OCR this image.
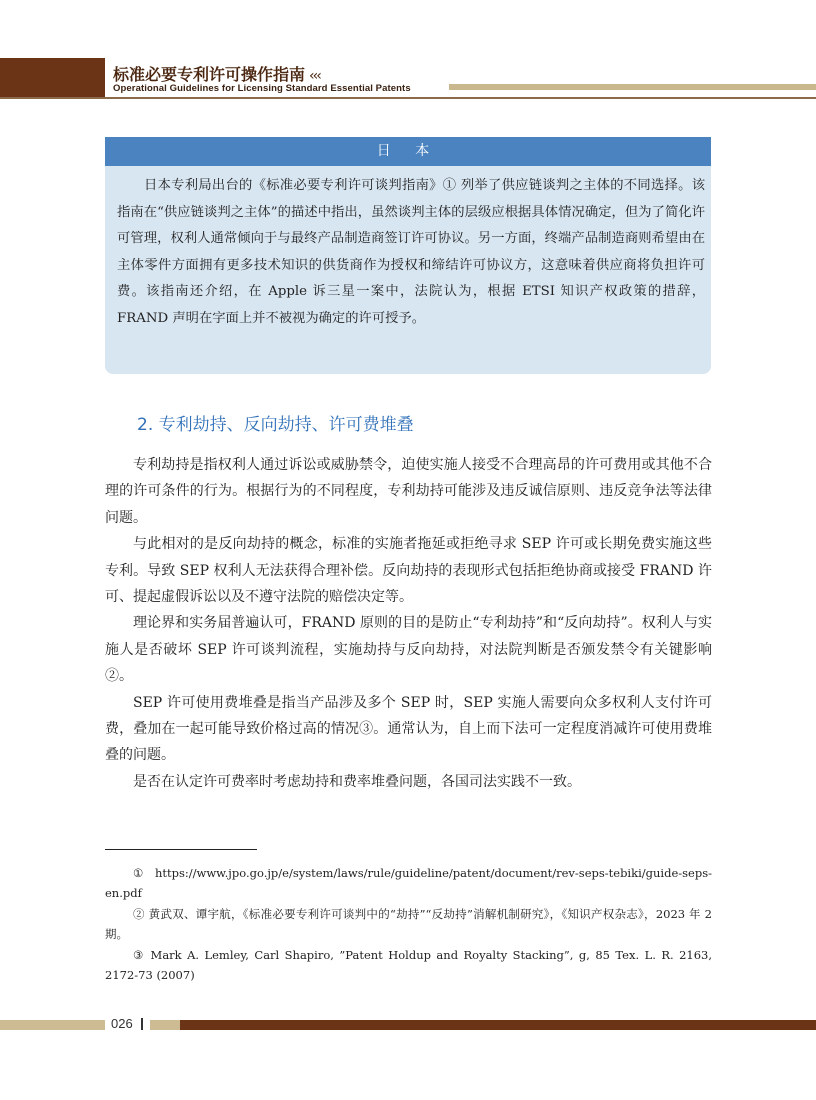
标准必要专利许可操作指南 ‹‹‹
Operational Guidelines for Licensing Standard Essential Patents
日 本

日本专利局出台的《标准必要专利许可谈判指南》① 列举了供应链谈判之主体的不同选择。该指南在“供应链谈判之主体”的描述中指出，虽然谈判主体的层级应根据具体情况确定，但为了简化许可管理，权利人通常倾向于与最终产品制造商签订许可协议。另一方面，终端产品制造商则希望由在主体零件方面拥有更多技术知识的供货商作为授权和缔结许可协议方，这意味着供应商将负担许可费。该指南还介绍，在 Apple 诉三星一案中，法院认为，根据 ETSI 知识产权政策的措辞，FRAND 声明在字面上并不被视为确定的许可授予。

2. 专利劫持、反向劫持、许可费堆叠

专利劫持是指权利人通过诉讼或威胁禁令，迫使实施人接受不合理高昂的许可费用或其他不合理的许可条件的行为。根据行为的不同程度，专利劫持可能涉及违反诚信原则、违反竞争法等法律问题。

与此相对的是反向劫持的概念，标准的实施者拖延或拒绝寻求 SEP 许可或长期免费实施这些专利。导致 SEP 权利人无法获得合理补偿。反向劫持的表现形式包括拒绝协商或接受 FRAND 许可、提起虚假诉讼以及不遵守法院的赔偿决定等。

理论界和实务届普遍认可，FRAND 原则的目的是防止“专利劫持”和“反向劫持”。权利人与实施人是否破坏 SEP 许可谈判流程，实施劫持与反向劫持，对法院判断是否颁发禁令有关键影响②。

SEP 许可使用费堆叠是指当产品涉及多个 SEP 时，SEP 实施人需要向众多权利人支付许可费，叠加在一起可能导致价格过高的情况③。通常认为，自上而下法可一定程度消减许可使用费堆叠的问题。

是否在认定许可费率时考虑劫持和费率堆叠问题，各国司法实践不一致。

① https://www.jpo.go.jp/e/system/laws/rule/guideline/patent/document/rev-seps-tebiki/guide-seps-en.pdf

② 黄武双、谭宇航，《标准必要专利许可谈判中的“劫持”“反劫持”消解机制研究》，《知识产权杂志》，2023 年 2 期。

③ Mark A. Lemley, Carl Shapiro, ”Patent Holdup and Royalty Stacking”, g, 85 Tex. L. R. 2163, 2172-73 (2007)

026
